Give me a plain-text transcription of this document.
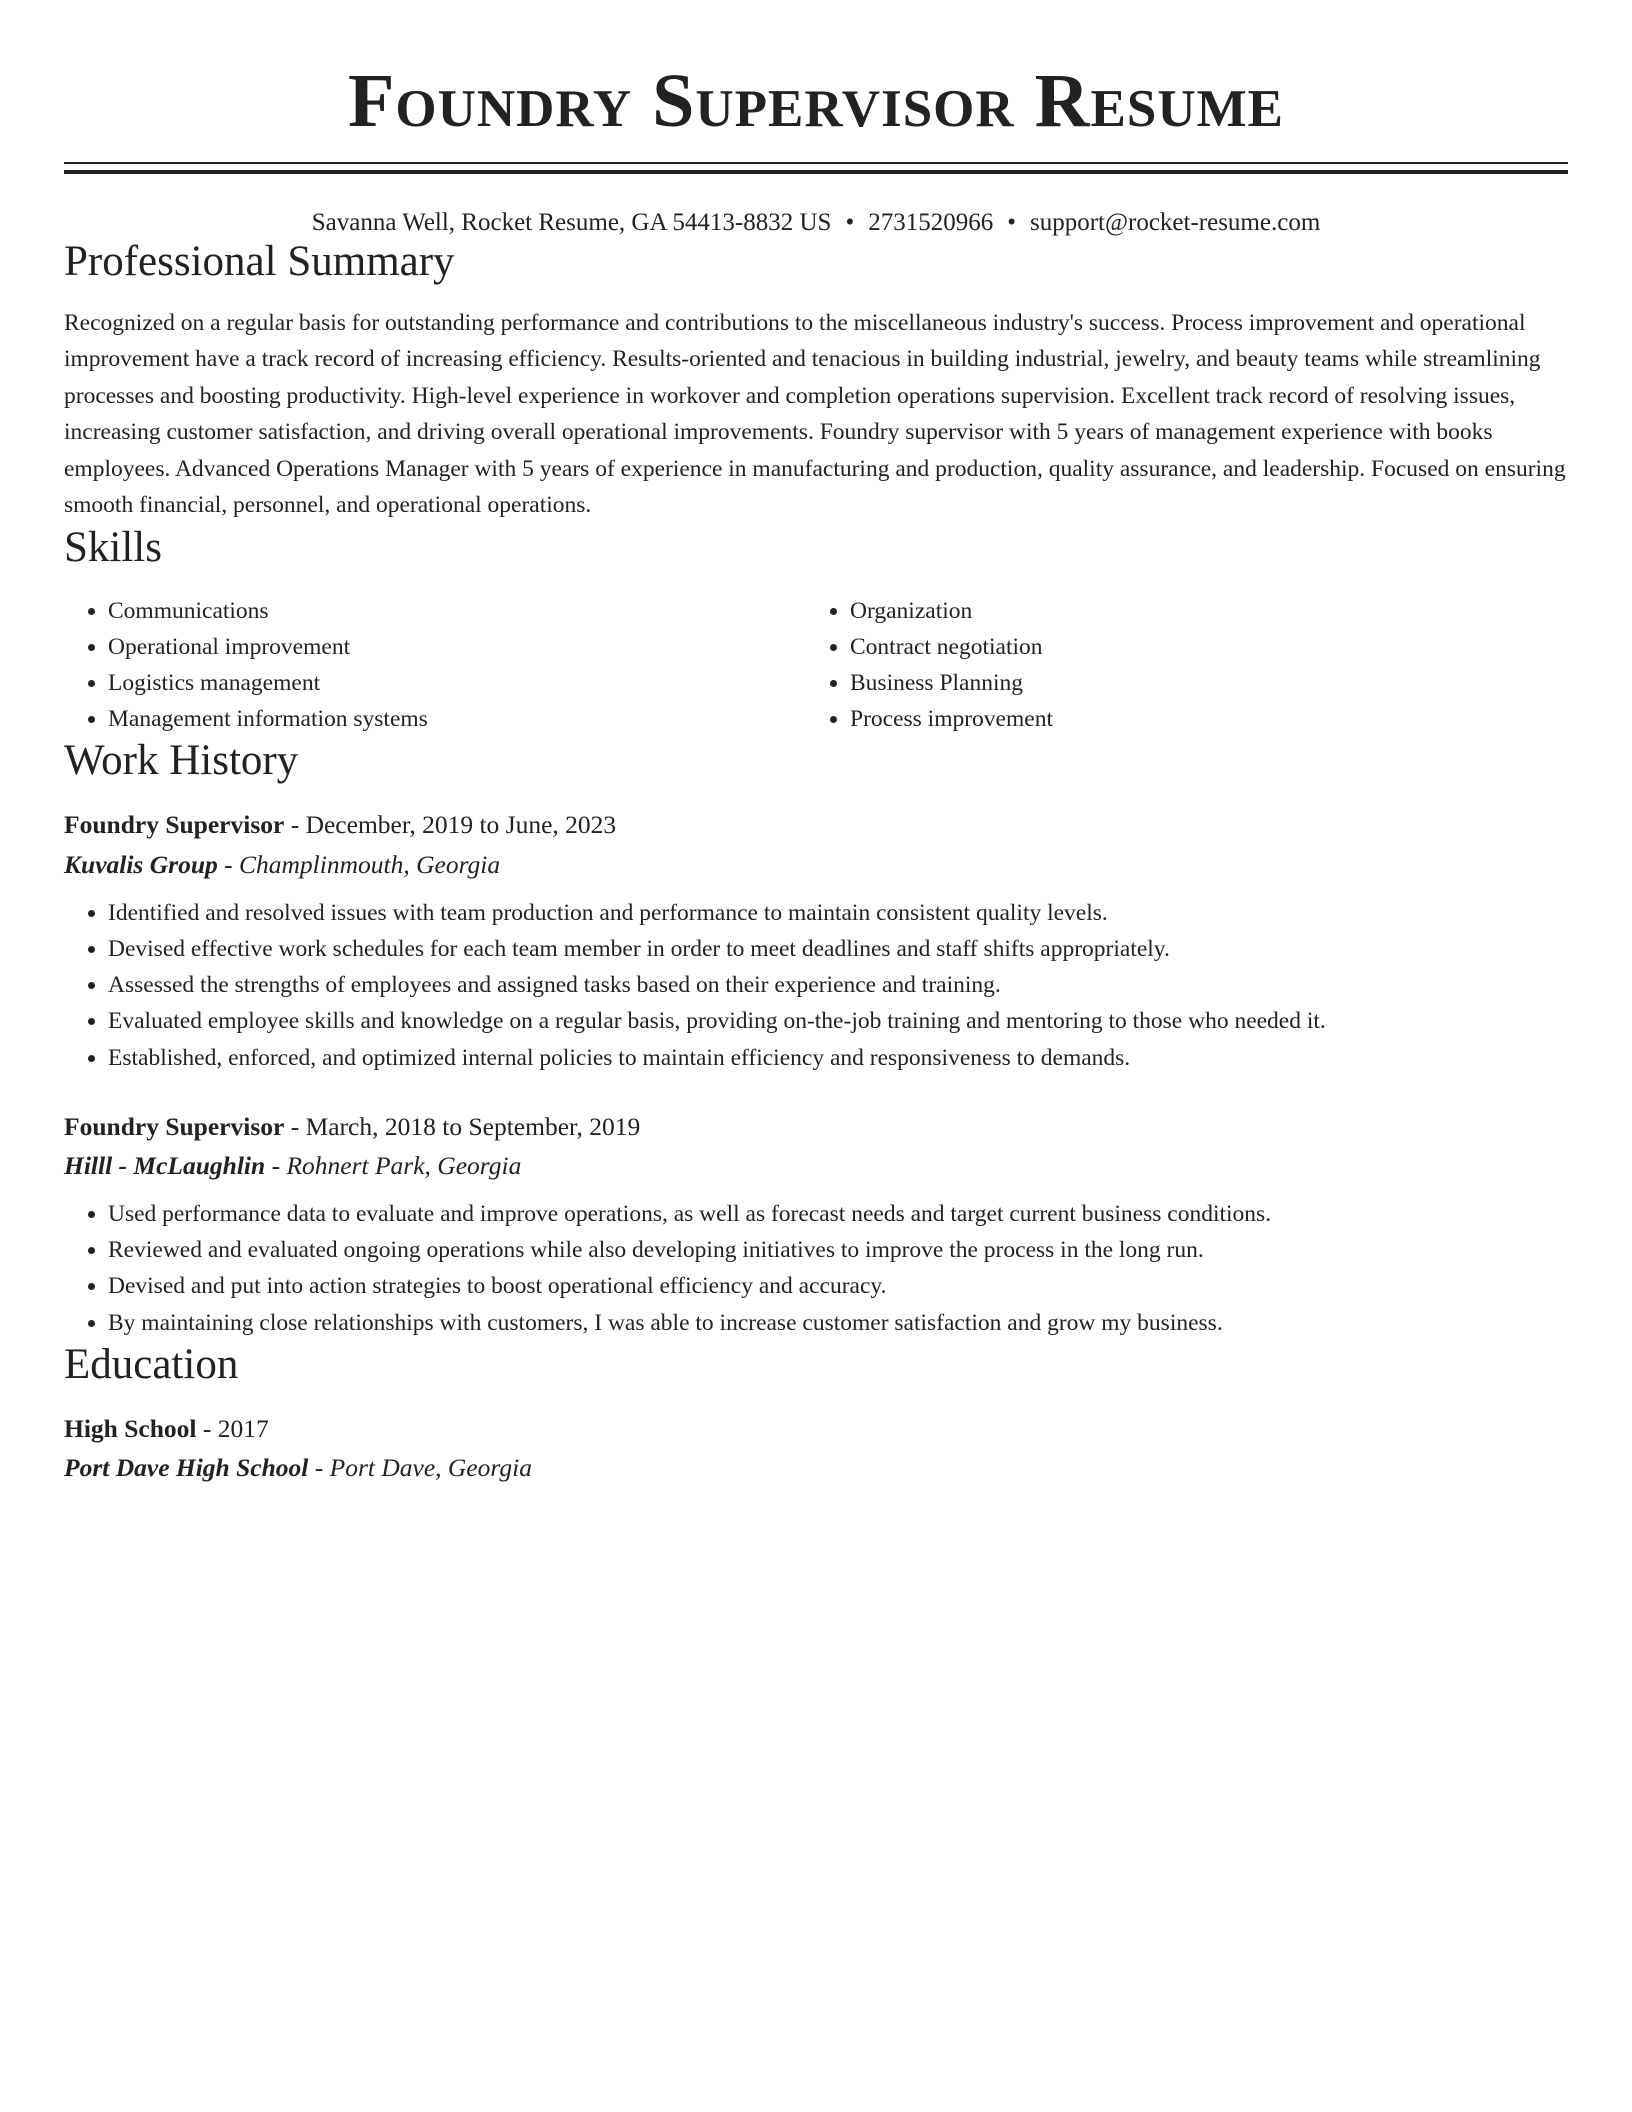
Foundry Supervisor Resume
Savanna Well, Rocket Resume, GA 54413-8832 US • 2731520966 • support@rocket-resume.com
Professional Summary
Recognized on a regular basis for outstanding performance and contributions to the miscellaneous industry's success. Process improvement and operational improvement have a track record of increasing efficiency. Results-oriented and tenacious in building industrial, jewelry, and beauty teams while streamlining processes and boosting productivity. High-level experience in workover and completion operations supervision. Excellent track record of resolving issues, increasing customer satisfaction, and driving overall operational improvements. Foundry supervisor with 5 years of management experience with books employees. Advanced Operations Manager with 5 years of experience in manufacturing and production, quality assurance, and leadership. Focused on ensuring smooth financial, personnel, and operational operations.
Skills
• Communications
• Operational improvement
• Logistics management
• Management information systems
• Organization
• Contract negotiation
• Business Planning
• Process improvement
Work History
Foundry Supervisor - December, 2019 to June, 2023
Kuvalis Group - Champlinmouth, Georgia
• Identified and resolved issues with team production and performance to maintain consistent quality levels.
• Devised effective work schedules for each team member in order to meet deadlines and staff shifts appropriately.
• Assessed the strengths of employees and assigned tasks based on their experience and training.
• Evaluated employee skills and knowledge on a regular basis, providing on-the-job training and mentoring to those who needed it.
• Established, enforced, and optimized internal policies to maintain efficiency and responsiveness to demands.
Foundry Supervisor - March, 2018 to September, 2019
Hilll - McLaughlin - Rohnert Park, Georgia
• Used performance data to evaluate and improve operations, as well as forecast needs and target current business conditions.
• Reviewed and evaluated ongoing operations while also developing initiatives to improve the process in the long run.
• Devised and put into action strategies to boost operational efficiency and accuracy.
• By maintaining close relationships with customers, I was able to increase customer satisfaction and grow my business.
Education
High School - 2017
Port Dave High School - Port Dave, Georgia
